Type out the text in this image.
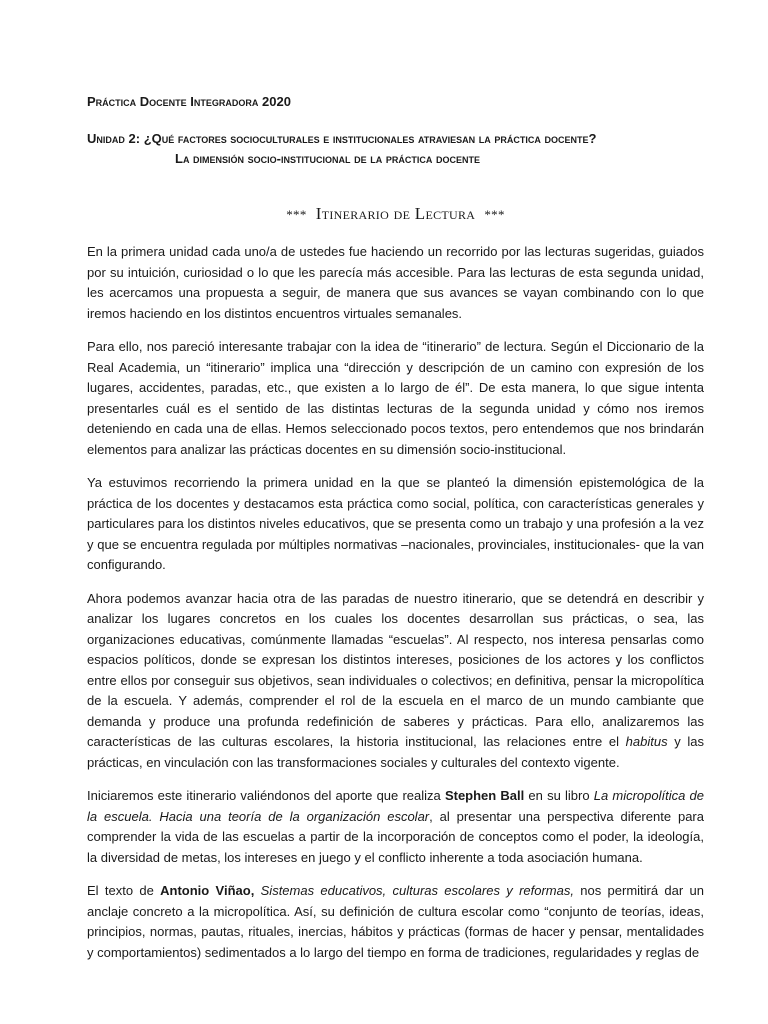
Práctica Docente Integradora 2020
Unidad 2: ¿Qué factores socioculturales e institucionales atraviesan la práctica docente?
La dimensión socio-institucional de la práctica docente
*** Itinerario de Lectura ***

En la primera unidad cada uno/a de ustedes fue haciendo un recorrido por las lecturas sugeridas, guiados por su intuición, curiosidad o lo que les parecía más accesible. Para las lecturas de esta segunda unidad, les acercamos una propuesta a seguir, de manera que sus avances se vayan combinando con lo que iremos haciendo en los distintos encuentros virtuales semanales.

Para ello, nos pareció interesante trabajar con la idea de “itinerario” de lectura. Según el Diccionario de la Real Academia, un “itinerario” implica una “dirección y descripción de un camino con expresión de los lugares, accidentes, paradas, etc., que existen a lo largo de él”. De esta manera, lo que sigue intenta presentarles cuál es el sentido de las distintas lecturas de la segunda unidad y cómo nos iremos deteniendo en cada una de ellas. Hemos seleccionado pocos textos, pero entendemos que nos brindarán elementos para analizar las prácticas docentes en su dimensión socio-institucional.

Ya estuvimos recorriendo la primera unidad en la que se planteó la dimensión epistemológica de la práctica de los docentes y destacamos esta práctica como social, política, con características generales y particulares para los distintos niveles educativos, que se presenta como un trabajo y una profesión a la vez y que se encuentra regulada por múltiples normativas –nacionales, provinciales, institucionales- que la van configurando.

Ahora podemos avanzar hacia otra de las paradas de nuestro itinerario, que se detendrá en describir y analizar los lugares concretos en los cuales los docentes desarrollan sus prácticas, o sea, las organizaciones educativas, comúnmente llamadas “escuelas”. Al respecto, nos interesa pensarlas como espacios políticos, donde se expresan los distintos intereses, posiciones de los actores y los conflictos entre ellos por conseguir sus objetivos, sean individuales o colectivos; en definitiva, pensar la micropolítica de la escuela. Y además, comprender el rol de la escuela en el marco de un mundo cambiante que demanda y produce una profunda redefinición de saberes y prácticas. Para ello, analizaremos las características de las culturas escolares, la historia institucional, las relaciones entre el habitus y las prácticas, en vinculación con las transformaciones sociales y culturales del contexto vigente.

Iniciaremos este itinerario valiéndonos del aporte que realiza Stephen Ball en su libro La micropolítica de la escuela. Hacia una teoría de la organización escolar, al presentar una perspectiva diferente para comprender la vida de las escuelas a partir de la incorporación de conceptos como el poder, la ideología, la diversidad de metas, los intereses en juego y el conflicto inherente a toda asociación humana.

El texto de Antonio Viñao, Sistemas educativos, culturas escolares y reformas, nos permitirá dar un anclaje concreto a la micropolítica. Así, su definición de cultura escolar como “conjunto de teorías, ideas, principios, normas, pautas, rituales, inercias, hábitos y prácticas (formas de hacer y pensar, mentalidades y comportamientos) sedimentados a lo largo del tiempo en forma de tradiciones, regularidades y reglas de
